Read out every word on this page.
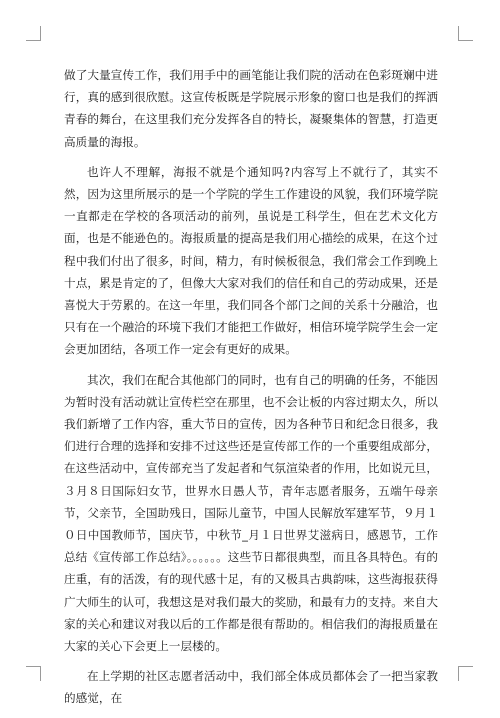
做了大量宣传工作，我们用手中的画笔能让我们院的活动在色彩斑斓中进行，真的感到很欣慰。这宣传板既是学院展示形象的窗口也是我们的挥洒青春的舞台，在这里我们充分发挥各自的特长，凝聚集体的智慧，打造更高质量的海报。

也许人不理解，海报不就是个通知吗?内容写上不就行了，其实不然，因为这里所展示的是一个学院的学生工作建设的风貌，我们环境学院一直都走在学校的各项活动的前列，虽说是工科学生，但在艺术文化方面，也是不能逊色的。海报质量的提高是我们用心描绘的成果，在这个过程中我们付出了很多，时间，精力，有时候板很急，我们常会工作到晚上十点，累是肯定的了，但像大大家对我们的信任和自己的劳动成果，还是喜悦大于劳累的。在这一年里，我们同各个部门之间的关系十分融洽，也只有在一个融洽的环境下我们才能把工作做好，相信环境学院学生会一定会更加团结，各项工作一定会有更好的成果。

其次，我们在配合其他部门的同时，也有自己的明确的任务，不能因为暂时没有活动就让宣传栏空在那里，也不会让板的内容过期太久，所以我们新增了工作内容，重大节日的宣传，因为各种节日和纪念日很多，我们进行合理的选择和安排不过这些还是宣传部工作的一个重要组成部分，在这些活动中，宣传部充当了发起者和气氛渲染者的作用，比如说元旦，３月８日国际妇女节，世界水日愚人节，青年志愿者服务，五端午母亲节，父亲节，全国助残日，国际儿童节，中国人民解放军建军节，９月１０日中国教师节，国庆节，中秋节_月１日世界艾滋病日，感恩节，工作总结《宣传部工作总结》。。。。。。这些节日都很典型，而且各具特色。有的庄重，有的活泼，有的现代感十足，有的又极具古典韵味，这些海报获得广大师生的认可，我想这是对我们最大的奖励，和最有力的支持。来自大家的关心和建议对我以后的工作都是很有帮助的。相信我们的海报质量在大家的关心下会更上一层楼的。

在上学期的社区志愿者活动中，我们部全体成员都体会了一把当家教的感觉，在
